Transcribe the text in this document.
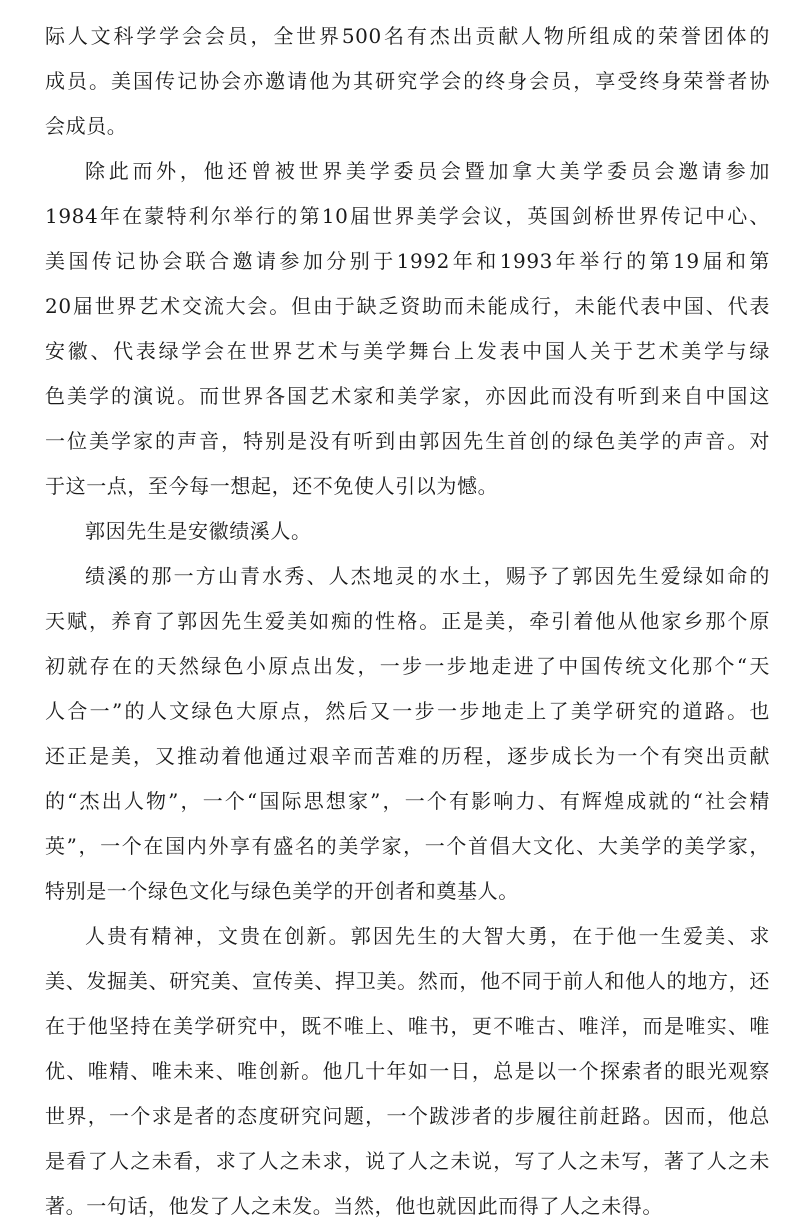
际人文科学学会会员，全世界500名有杰出贡献人物所组成的荣誉团体的
成员。美国传记协会亦邀请他为其研究学会的终身会员，享受终身荣誉者协
会成员。
除此而外，他还曾被世界美学委员会暨加拿大美学委员会邀请参加
1984年在蒙特利尔举行的第10届世界美学会议，英国剑桥世界传记中心、
美国传记协会联合邀请参加分别于1992年和1993年举行的第19届和第
20届世界艺术交流大会。但由于缺乏资助而未能成行，未能代表中国、代表
安徽、代表绿学会在世界艺术与美学舞台上发表中国人关于艺术美学与绿
色美学的演说。而世界各国艺术家和美学家，亦因此而没有听到来自中国这
一位美学家的声音，特别是没有听到由郭因先生首创的绿色美学的声音。对
于这一点，至今每一想起，还不免使人引以为憾。
郭因先生是安徽绩溪人。
绩溪的那一方山青水秀、人杰地灵的水土，赐予了郭因先生爱绿如命的
天赋，养育了郭因先生爱美如痴的性格。正是美，牵引着他从他家乡那个原
初就存在的天然绿色小原点出发，一步一步地走进了中国传统文化那个“天
人合一”的人文绿色大原点，然后又一步一步地走上了美学研究的道路。也
还正是美，又推动着他通过艰辛而苦难的历程，逐步成长为一个有突出贡献
的“杰出人物”，一个“国际思想家”，一个有影响力、有辉煌成就的“社会精
英”，一个在国内外享有盛名的美学家，一个首倡大文化、大美学的美学家，
特别是一个绿色文化与绿色美学的开创者和奠基人。
人贵有精神，文贵在创新。郭因先生的大智大勇，在于他一生爱美、求
美、发掘美、研究美、宣传美、捍卫美。然而，他不同于前人和他人的地方，还
在于他坚持在美学研究中，既不唯上、唯书，更不唯古、唯洋，而是唯实、唯
优、唯精、唯未来、唯创新。他几十年如一日，总是以一个探索者的眼光观察
世界，一个求是者的态度研究问题，一个跋涉者的步履往前赶路。因而，他总
是看了人之未看，求了人之未求，说了人之未说，写了人之未写，著了人之未
著。一句话，他发了人之未发。当然，他也就因此而得了人之未得。
